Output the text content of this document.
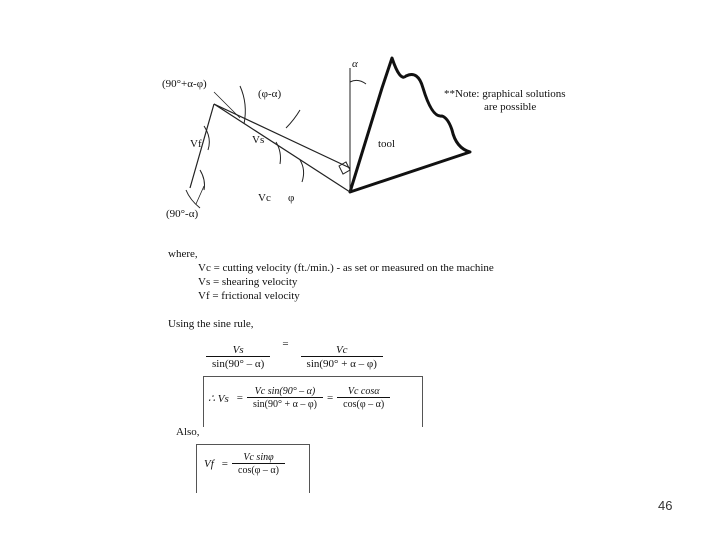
(90°+α-φ)
(φ-α)
α
**Note: graphical solutions
are possible
Vf	Vs	tool
Vc φ
(90°-α)
where,
Vc = cutting velocity (ft./min.) - as set or measured on the machine
Vs = shearing velocity
Vf = frictional velocity
Using the sine rule,
$\frac{Vs}{\sin(90^\circ - \alpha)} ^= \frac{Vc}{\sin(90^\circ + \alpha - \varphi)}$
∴ $Vs = \frac{\text{Vc sin(90° – α)}}{\sin(90^\circ + \alpha - \varphi)} = \frac{\text{Vc cosα}}{\cos(\varphi - \alpha)}$
Also,
$Vf = \frac{\text{Vc sinφ}}{\cos(\varphi - \alpha)}$
46
